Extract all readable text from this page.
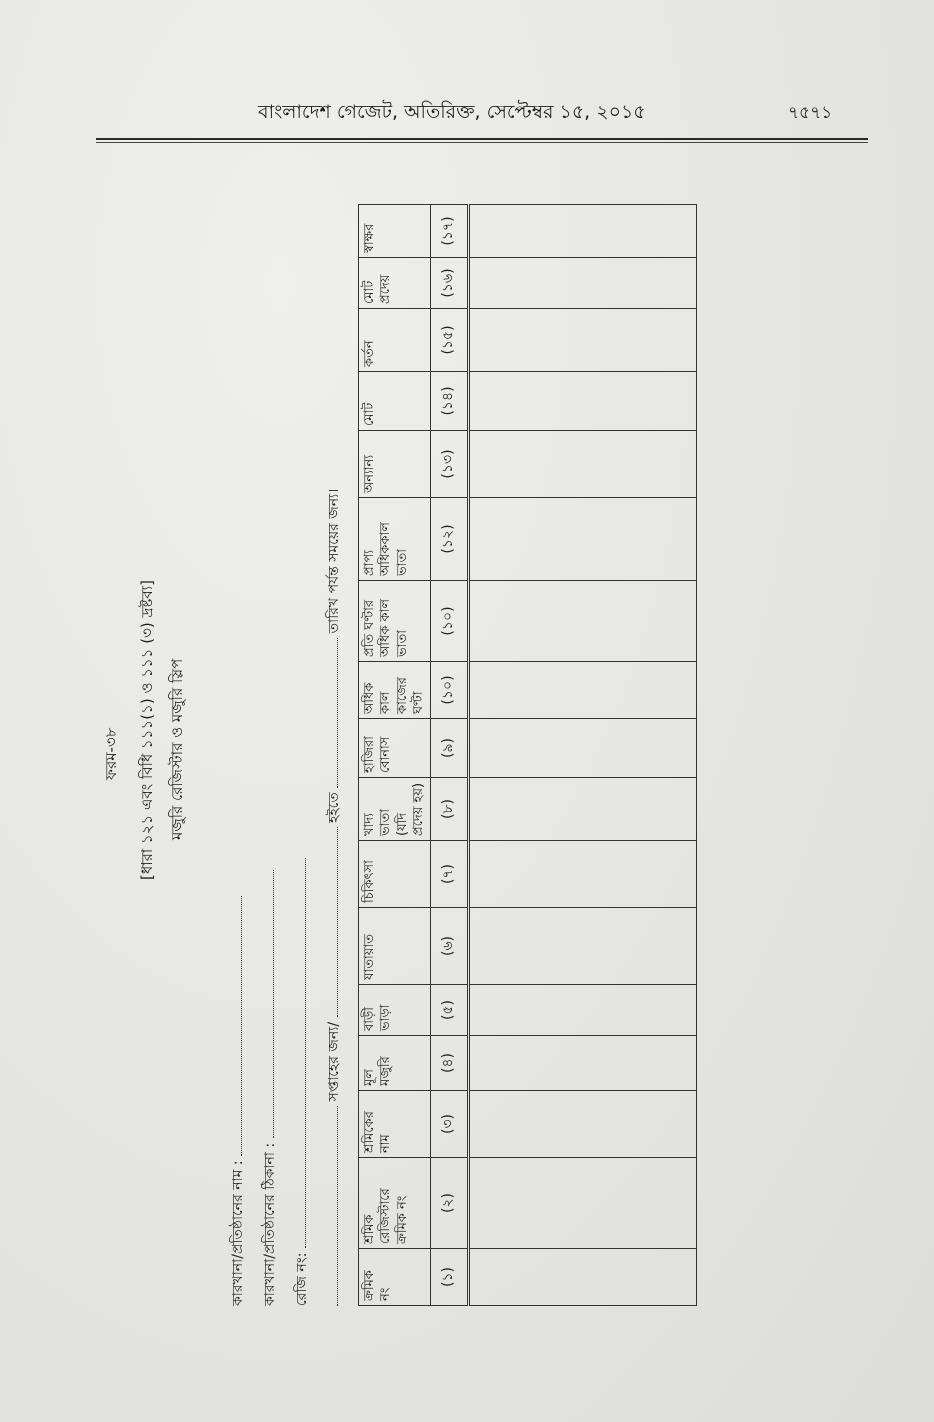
বাংলাদেশ গেজেট, অতিরিক্ত, সেপ্টেম্বর ১৫, ২০১৫	৭৫৭১
ফরম-৩৮	[ধারা ১২১ এবং বিধি ১১১(১) ও ১১১ (৩) দ্রষ্টব্য] মজুরি রেজিস্টার ও মজুরি স্লিপ
কারখানা/প্রতিষ্ঠানের নাম : কারখানা/প্রতিষ্ঠানের ঠিকানা : রেজি নং:
সপ্তাহের জন্য/  হইতে  তারিখ পর্যন্ত সময়ের জন্য।
ক্রমিক নং	শ্রমিক রেজিস্টারে ক্রমিক নং	শ্রমিকের নাম	মূল মজুরি	বাড়ী ভাড়া	যাতায়াত	চিকিৎসা	খাদ্য ভাতা (যদি প্রদেয় হয়)	হাজিরা বোনাস	অধিক কাল কাজের ঘণ্টা	প্রতি ঘণ্টার অধিক কাল ভাতা	প্রাপ্য অধিককাল ভাতা	অন্যান্য	মোট	কর্তন	মোট প্রদেয়	স্বাক্ষর
(১)	(২)	(৩)	(৪)	(৫)	(৬)	(৭)	(৮)	(৯)	(১০)	(১০)	(১২)	(১৩)	(১৪)	(১৫)	(১৬)	(১৭)
